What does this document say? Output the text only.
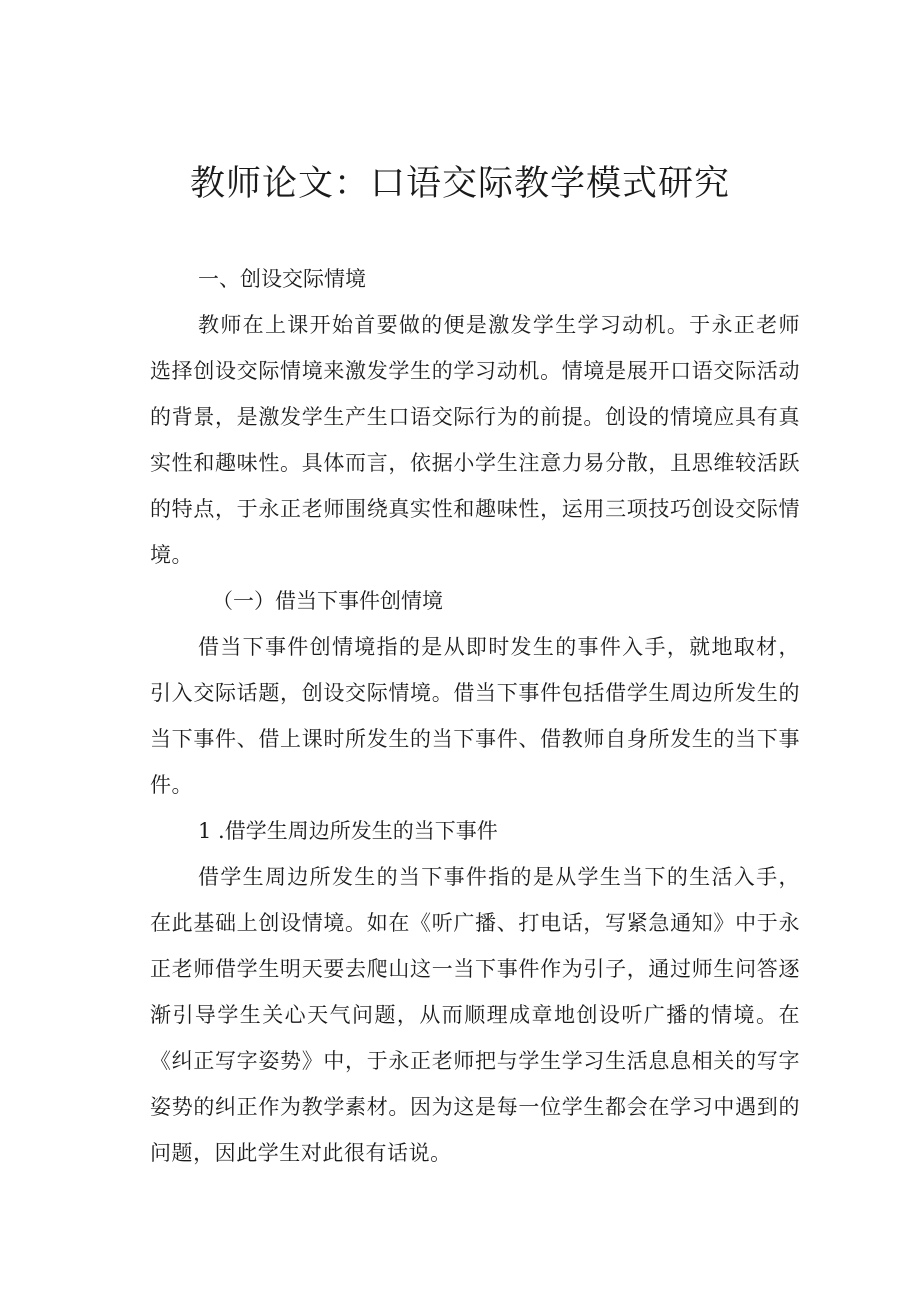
教师论文：口语交际教学模式研究
一、创设交际情境

教师在上课开始首要做的便是激发学生学习动机。于永正老师选择创设交际情境来激发学生的学习动机。情境是展开口语交际活动的背景，是激发学生产生口语交际行为的前提。创设的情境应具有真实性和趣味性。具体而言，依据小学生注意力易分散，且思维较活跃的特点，于永正老师围绕真实性和趣味性，运用三项技巧创设交际情境。

（一）借当下事件创情境

借当下事件创情境指的是从即时发生的事件入手，就地取材，引入交际话题，创设交际情境。借当下事件包括借学生周边所发生的当下事件、借上课时所发生的当下事件、借教师自身所发生的当下事件。

1 .借学生周边所发生的当下事件

借学生周边所发生的当下事件指的是从学生当下的生活入手，在此基础上创设情境。如在《听广播、打电话，写紧急通知》中于永正老师借学生明天要去爬山这一当下事件作为引子，通过师生问答逐渐引导学生关心天气问题，从而顺理成章地创设听广播的情境。在《纠正写字姿势》中，于永正老师把与学生学习生活息息相关的写字姿势的纠正作为教学素材。因为这是每一位学生都会在学习中遇到的问题，因此学生对此很有话说。
